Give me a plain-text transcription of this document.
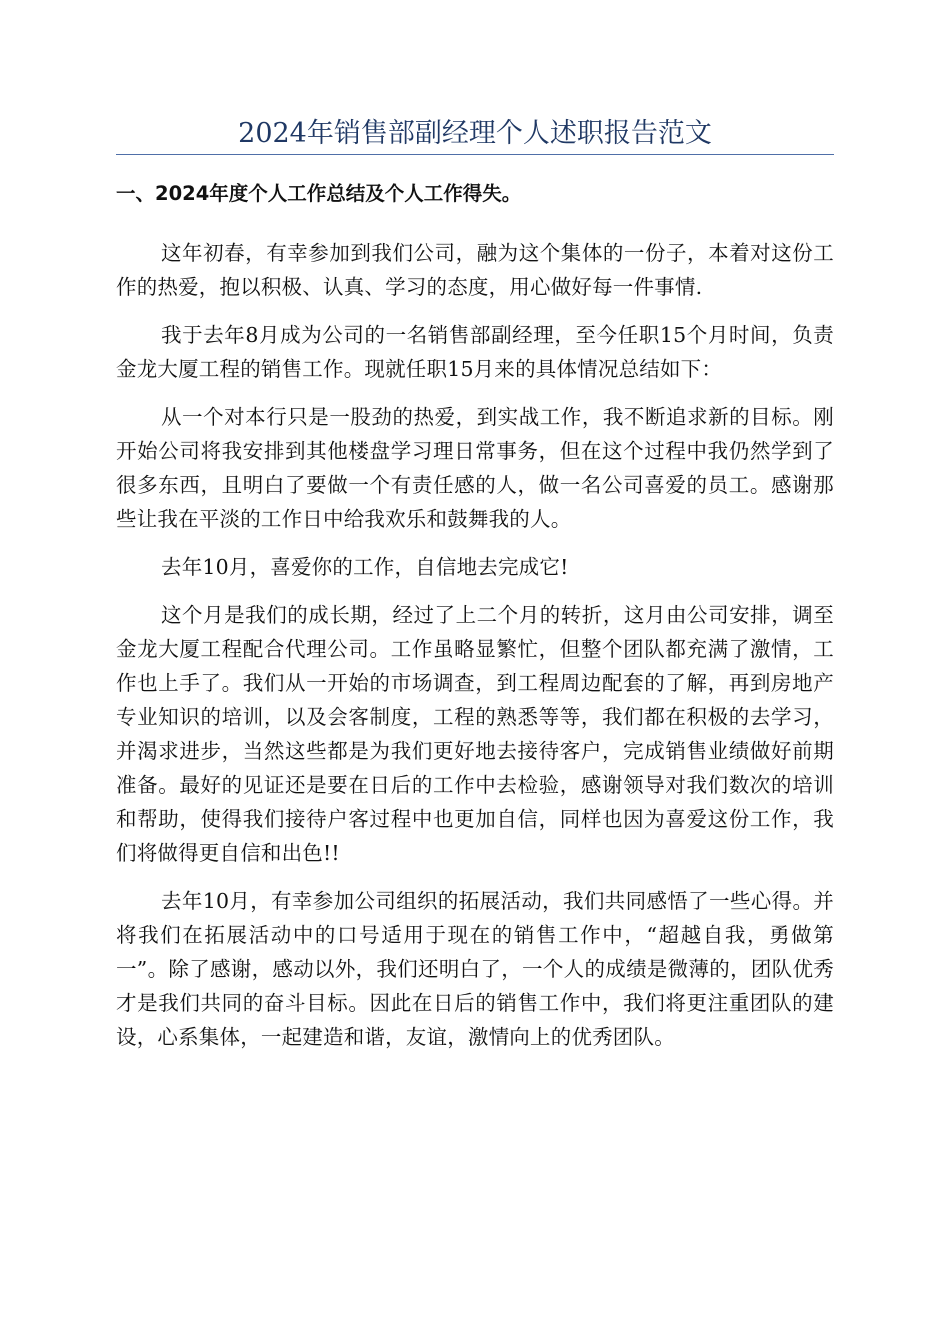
2024年销售部副经理个人述职报告范文
一、2024年度个人工作总结及个人工作得失。

这年初春，有幸参加到我们公司，融为这个集体的一份子，本着对这份工作的热爱，抱以积极、认真、学习的态度，用心做好每一件事情.

我于去年8月成为公司的一名销售部副经理，至今任职15个月时间，负责金龙大厦工程的销售工作。现就任职15月来的具体情况总结如下：

从一个对本行只是一股劲的热爱，到实战工作，我不断追求新的目标。刚开始公司将我安排到其他楼盘学习理日常事务，但在这个过程中我仍然学到了很多东西，且明白了要做一个有责任感的人，做一名公司喜爱的员工。感谢那些让我在平淡的工作日中给我欢乐和鼓舞我的人。

去年10月，喜爱你的工作，自信地去完成它!

这个月是我们的成长期，经过了上二个月的转折，这月由公司安排，调至金龙大厦工程配合代理公司。工作虽略显繁忙，但整个团队都充满了激情，工作也上手了。我们从一开始的市场调查，到工程周边配套的了解，再到房地产专业知识的培训，以及会客制度，工程的熟悉等等，我们都在积极的去学习，并渴求进步，当然这些都是为我们更好地去接待客户，完成销售业绩做好前期准备。最好的见证还是要在日后的工作中去检验，感谢领导对我们数次的培训和帮助，使得我们接待户客过程中也更加自信，同样也因为喜爱这份工作，我们将做得更自信和出色!!

去年10月，有幸参加公司组织的拓展活动，我们共同感悟了一些心得。并将我们在拓展活动中的口号适用于现在的销售工作中，“超越自我，勇做第一”。除了感谢，感动以外，我们还明白了，一个人的成绩是微薄的，团队优秀才是我们共同的奋斗目标。因此在日后的销售工作中，我们将更注重团队的建设，心系集体，一起建造和谐，友谊，激情向上的优秀团队。
